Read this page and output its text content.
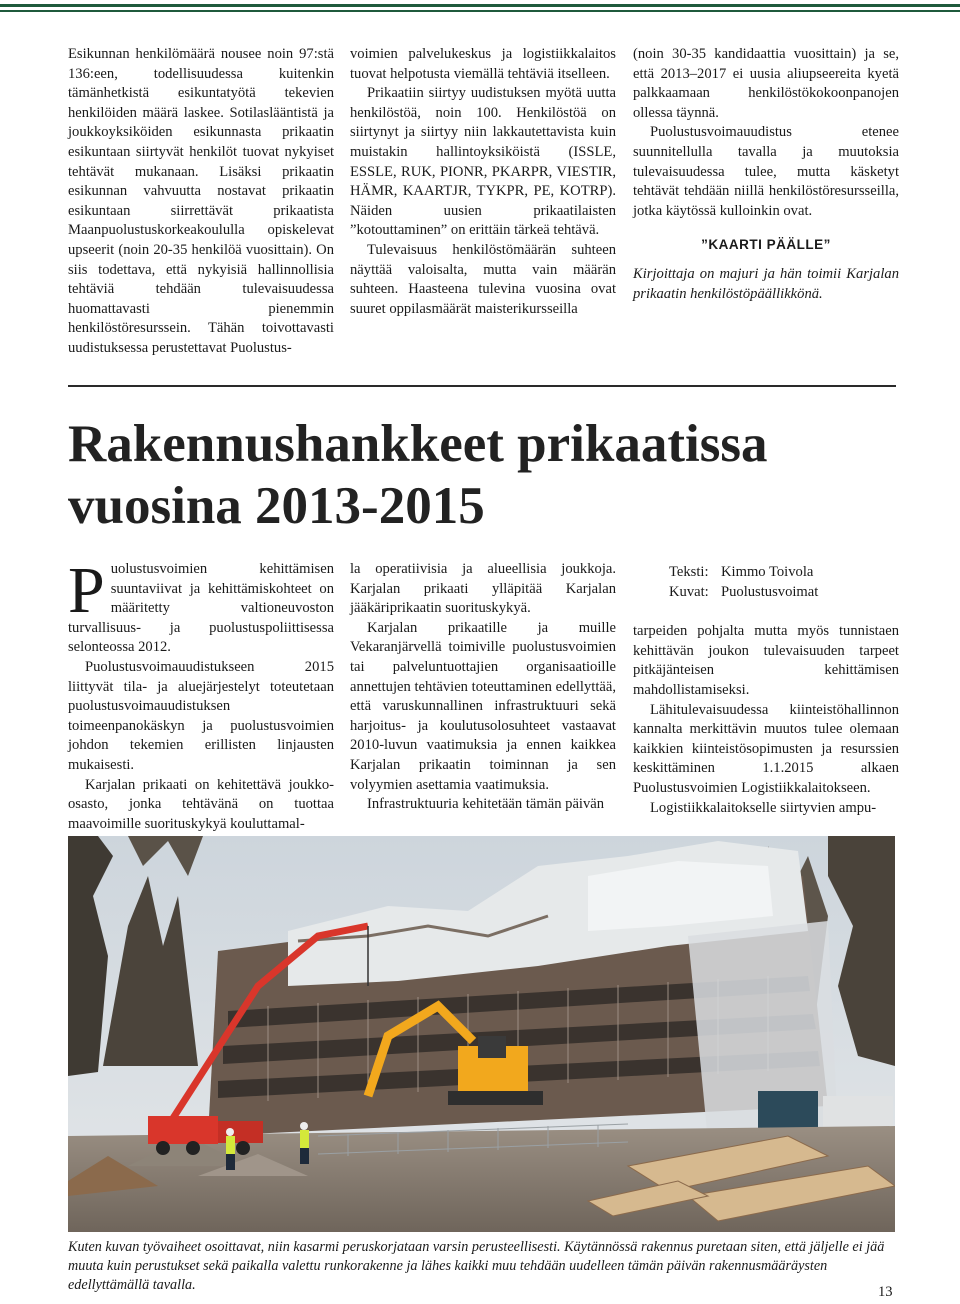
Esikunnan henkilömäärä nousee noin 97:stä 136:een, todellisuudessa kuitenkin tämänhetkistä esikuntatyötä tekevien henkilöiden määrä laskee. Sotilaslääntistä ja joukkoyksiköiden esikunnasta prikaatin esikuntaan siirtyvät henkilöt tuovat nykyiset tehtävät mukanaan. Lisäksi prikaatin esikunnan vahvuutta nostavat prikaatin esikuntaan siirrettävät prikaatista Maanpuolustuskorkeakoululla opiskelevat upseerit (noin 20-35 henkilöä vuosittain). On siis todettava, että nykyisiä hallinnollisia tehtäviä tehdään tulevaisuudessa huomattavasti pienemmin henkilöstöresurssein. Tähän toivottavasti uudistuksessa perustettavat Puolustus-

voimien palvelukeskus ja logistiikkalaitos tuovat helpotusta viemällä tehtäviä itselleen.

Prikaatiin siirtyy uudistuksen myötä uutta henkilöstöä, noin 100. Henkilöstöä on siirtynyt ja siirtyy niin lakkautettavista kuin muistakin hallintoyksiköistä (ISSLE, ESSLE, RUK, PIONR, PKARPR, VIESTIR, HÄMR, KAARTJR, TYKPR, PE, KOTRP). Näiden uusien prikaatilaisten ”kotouttaminen” on erittäin tärkeä tehtävä.

Tulevaisuus henkilöstömäärän suhteen näyttää valoisalta, mutta vain määrän suhteen. Haasteena tulevina vuosina ovat suuret oppilasmäärät maisterikursseilla

(noin 30-35 kandidaattia vuosittain) ja se, että 2013–2017 ei uusia aliupseereita kyetä palkkaamaan henkilöstökokoonpanojen ollessa täynnä.

Puolustusvoimauudistus etenee suunnitellulla tavalla ja muutoksia tulevaisuudessa tulee, mutta käsketyt tehtävät tehdään niillä henkilöstöresursseilla, jotka käytössä kulloinkin ovat.

”KAARTI PÄÄLLE”

Kirjoittaja on majuri ja hän toimii Karjalan prikaatin henkilöstöpäällikkönä.

Rakennushankkeet prikaatissa
vuosina 2013-2015

Puolustusvoimien kehittämisen suuntaviivat ja kehittämiskohteet on määritetty valtioneuvoston turvallisuus- ja puolustuspoliittisessa selonteossa 2012.

Puolustusvoimauudistukseen 2015 liittyvät tila- ja aluejärjestelyt toteutetaan puolustusvoimauudistuksen toimeenpanokäskyn ja puolustusvoimien johdon tekemien erillisten linjausten mukaisesti.

Karjalan prikaati on kehitettävä joukko-osasto, jonka tehtävänä on tuottaa maavoimille suorituskykyä kouluttamal-

la operatiivisia ja alueellisia joukkoja. Karjalan prikaati ylläpitää Karjalan jääkäriprikaatin suorituskykyä.

Karjalan prikaatille ja muille Vekaranjärvellä toimiville puolustusvoimien tai palveluntuottajien organisaatioille annettujen tehtävien toteuttaminen edellyttää, että varuskunnallinen infrastruktuuri sekä harjoitus- ja koulutusolosuhteet vastaavat 2010-luvun vaatimuksia ja ennen kaikkea Karjalan prikaatin toiminnan ja sen volyymien asettamia vaatimuksia.

Infrastruktuuria kehitetään tämän päivän

Teksti: Kimmo Toivola
Kuvat: Puolustusvoimat

tarpeiden pohjalta mutta myös tunnistaen kehittävän joukon tulevaisuuden tarpeet pitkäjänteisen kehittämisen mahdollistamiseksi.

Lähitulevaisuudessa kiinteistöhallinnon kannalta merkittävin muutos tulee olemaan kaikkien kiinteistösopimusten ja resurssien keskittäminen 1.1.2015 alkaen Puolustusvoimien Logistiikkalaitokseen.

Logistiikkalaitokselle siirtyvien ampu-

Kuten kuvan työvaiheet osoittavat, niin kasarmi peruskorjataan varsin perusteellisesti. Käytännössä rakennus puretaan siten, että jäljelle ei jää muuta kuin perustukset sekä paikalla valettu runkorakenne ja lähes kaikki muu tehdään uudelleen tämän päivän rakennusmääräysten edellyttämällä tavalla.	13
